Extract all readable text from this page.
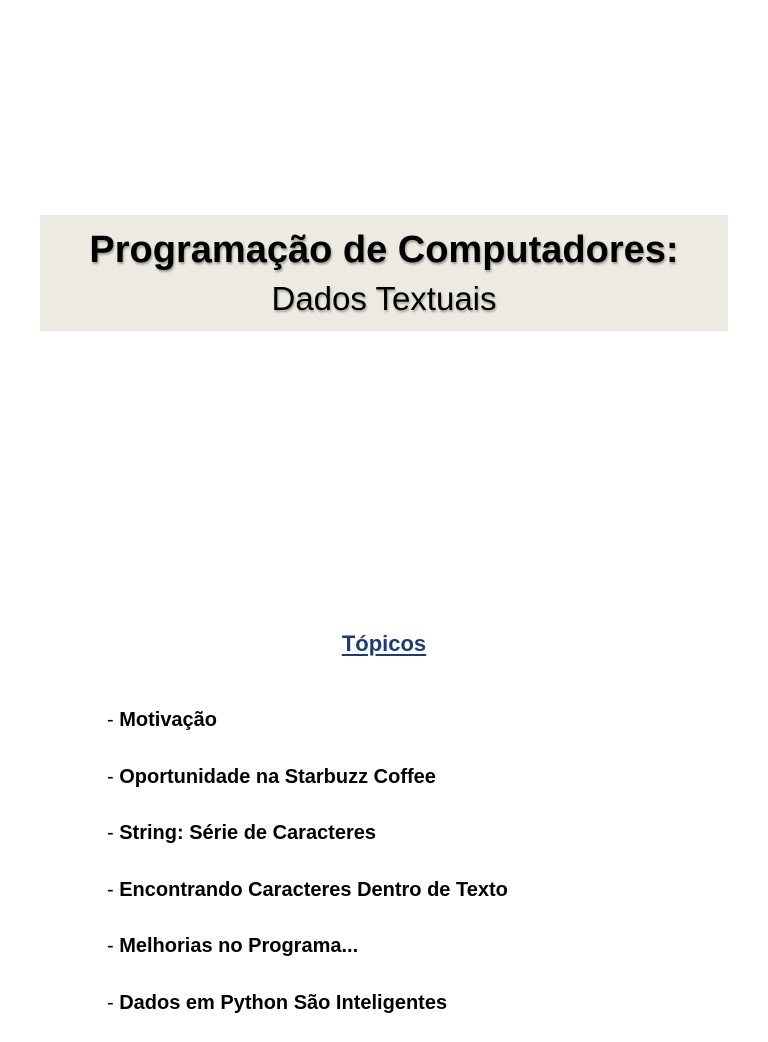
Programação de Computadores:
Dados Textuais
Tópicos
- Motivação
- Oportunidade na Starbuzz Coffee
- String: Série de Caracteres
- Encontrando Caracteres Dentro de Texto
- Melhorias no Programa...
- Dados em Python São Inteligentes
